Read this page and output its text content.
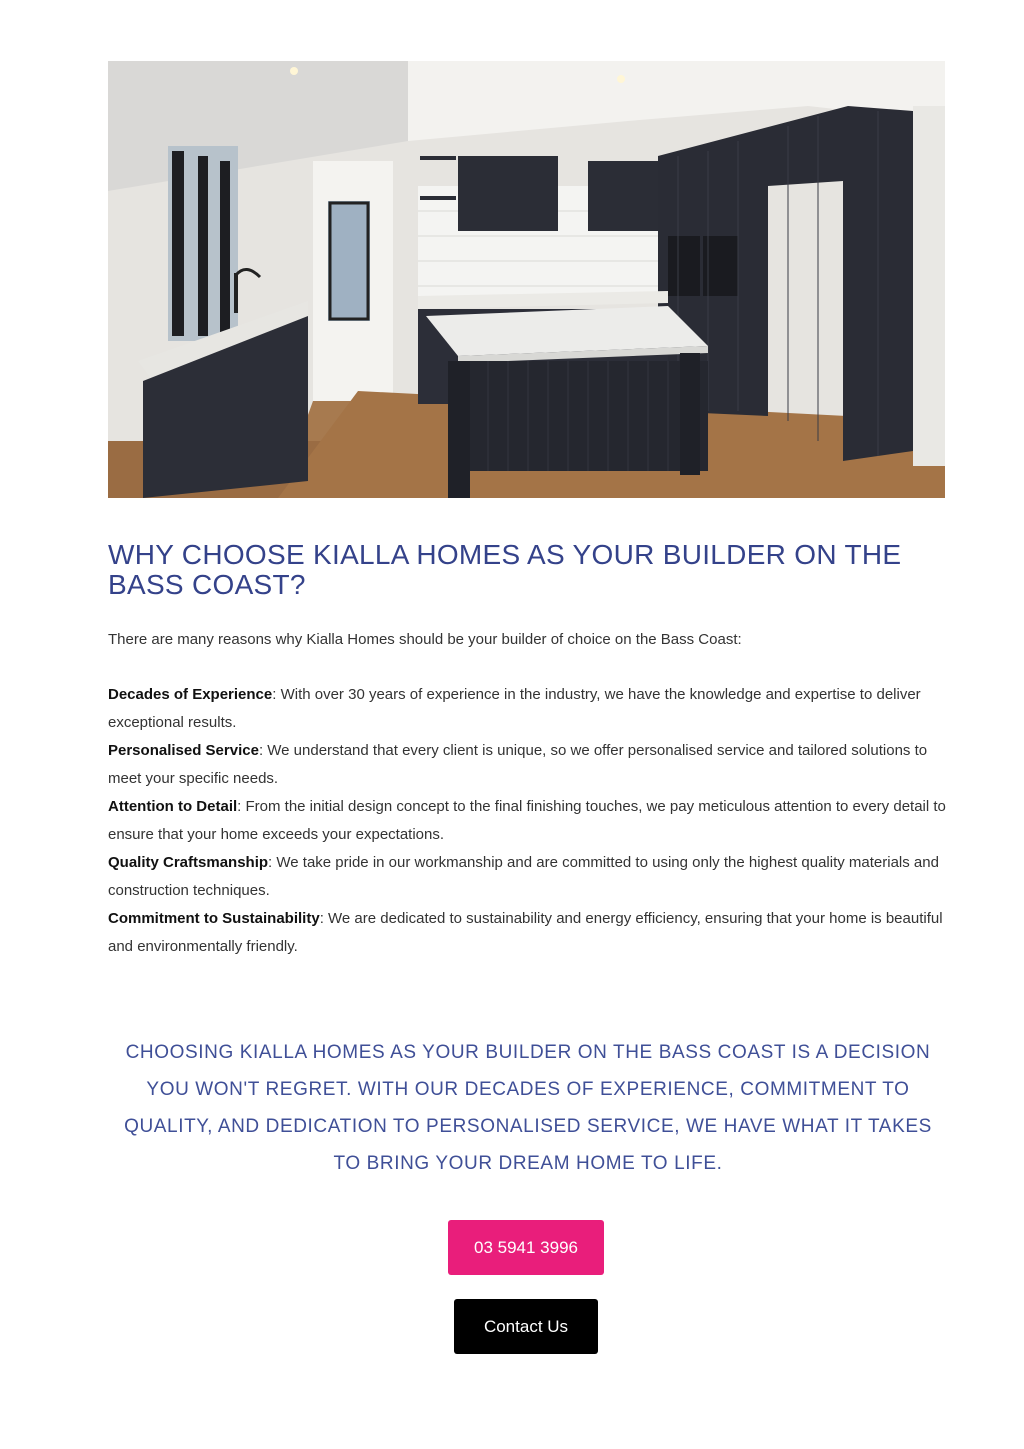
WHY CHOOSE KIALLA HOMES AS YOUR BUILDER ON THE BASS COAST?

There are many reasons why Kialla Homes should be your builder of choice on the Bass Coast:

Decades of Experience: With over 30 years of experience in the industry, we have the knowledge and expertise to deliver exceptional results.
Personalised Service: We understand that every client is unique, so we offer personalised service and tailored solutions to meet your specific needs.
Attention to Detail: From the initial design concept to the final finishing touches, we pay meticulous attention to every detail to ensure that your home exceeds your expectations.
Quality Craftsmanship: We take pride in our workmanship and are committed to using only the highest quality materials and construction techniques.
Commitment to Sustainability: We are dedicated to sustainability and energy efficiency, ensuring that your home is beautiful and environmentally friendly.

CHOOSING KIALLA HOMES AS YOUR BUILDER ON THE BASS COAST IS A DECISION YOU WON'T REGRET. WITH OUR DECADES OF EXPERIENCE, COMMITMENT TO QUALITY, AND DEDICATION TO PERSONALISED SERVICE, WE HAVE WHAT IT TAKES TO BRING YOUR DREAM HOME TO LIFE.

03 5941 3996
Contact Us
